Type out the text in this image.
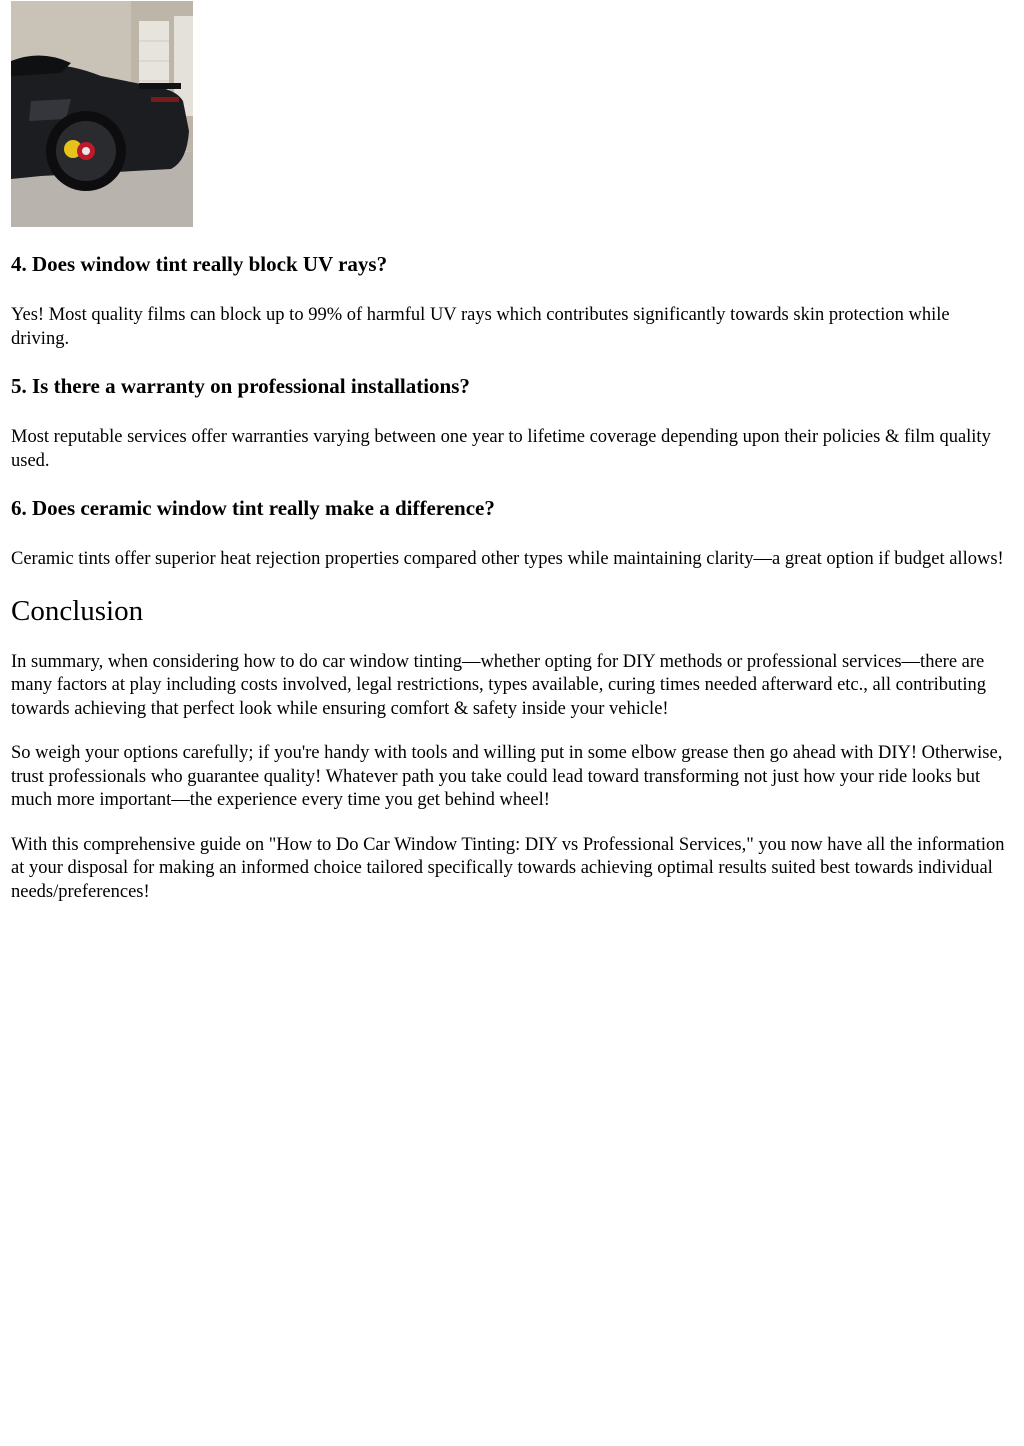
4. Does window tint really block UV rays?

Yes! Most quality films can block up to 99% of harmful UV rays which contributes significantly towards skin protection while driving.

5. Is there a warranty on professional installations?

Most reputable services offer warranties varying between one year to lifetime coverage depending upon their policies & film quality used.

6. Does ceramic window tint really make a difference?

Ceramic tints offer superior heat rejection properties compared other types while maintaining clarity—a great option if budget allows!

Conclusion

In summary, when considering how to do car window tinting—whether opting for DIY methods or professional services—there are many factors at play including costs involved, legal restrictions, types available, curing times needed afterward etc., all contributing towards achieving that perfect look while ensuring comfort & safety inside your vehicle!

So weigh your options carefully; if you're handy with tools and willing put in some elbow grease then go ahead with DIY! Otherwise, trust professionals who guarantee quality! Whatever path you take could lead toward transforming not just how your ride looks but much more important—the experience every time you get behind wheel!

With this comprehensive guide on "How to Do Car Window Tinting: DIY vs Professional Services," you now have all the information at your disposal for making an informed choice tailored specifically towards achieving optimal results suited best towards individual needs/preferences!
